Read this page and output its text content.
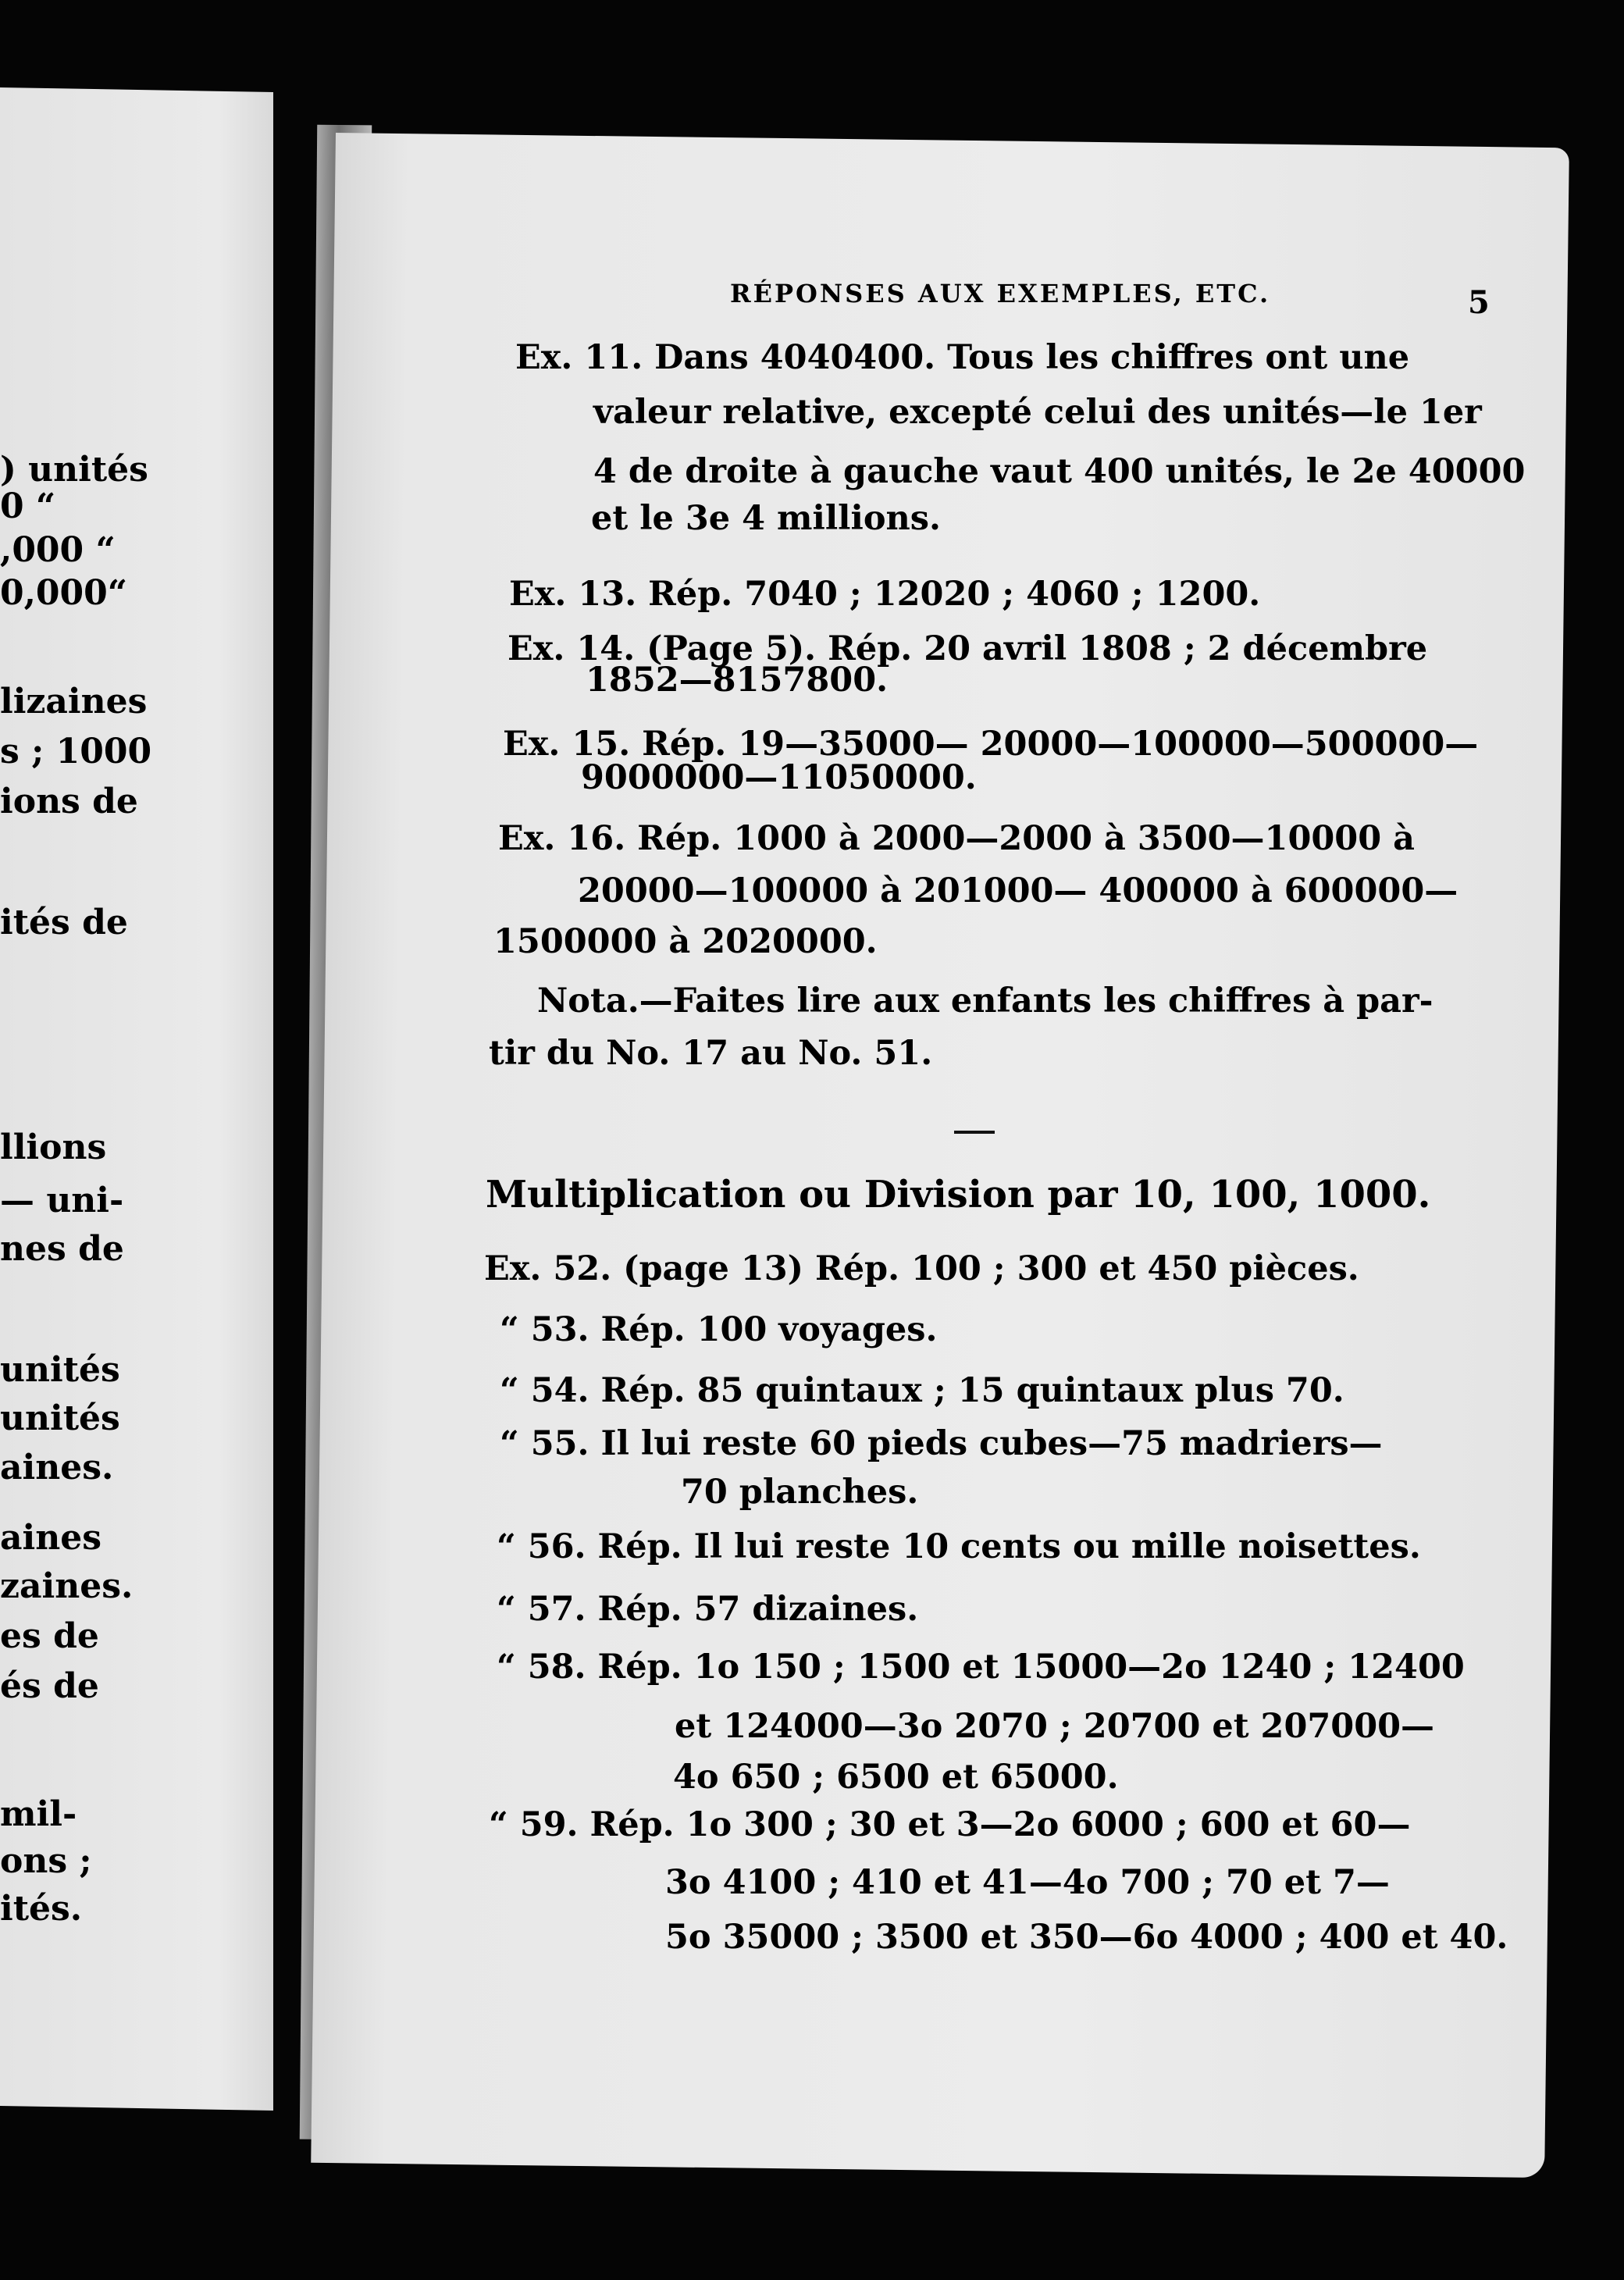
) unités
0 “
,000 “
0,000“
lizaines
s ; 1000
ions de
ités de
llions
— uni-
nes de
unités
unités
aines.
aines
zaines.
es de
és de
mil-
ons ;
ités.
RÉPONSES AUX EXEMPLES, ETC.	5
Ex. 11. Dans 4040400. Tous les chiffres ont une
valeur relative, excepté celui des unités—le 1er
4 de droite à gauche vaut 400 unités, le 2e 40000
et le 3e 4 millions.
Ex. 13. Rép. 7040 ; 12020 ; 4060 ; 1200.
Ex. 14. (Page 5). Rép. 20 avril 1808 ; 2 décembre
1852—8157800.
Ex. 15. Rép. 19—35000— 20000—100000—500000—
9000000—11050000.
Ex. 16. Rép. 1000 à 2000—2000 à 3500—10000 à
20000—100000 à 201000— 400000 à 600000—
1500000 à 2020000.
Nota.—Faites lire aux enfants les chiffres à par-
tir du No. 17 au No. 51.
Multiplication ou Division par 10, 100, 1000.
Ex. 52. (page 13) Rép. 100 ; 300 et 450 pièces.
“ 53. Rép. 100 voyages.
“ 54. Rép. 85 quintaux ; 15 quintaux plus 70.
“ 55. Il lui reste 60 pieds cubes—75 madriers—
70 planches.
“ 56. Rép. Il lui reste 10 cents ou mille noisettes.
“ 57. Rép. 57 dizaines.
“ 58. Rép. 1o 150 ; 1500 et 15000—2o 1240 ; 12400
et 124000—3o 2070 ; 20700 et 207000—
4o 650 ; 6500 et 65000.
“ 59. Rép. 1o 300 ; 30 et 3—2o 6000 ; 600 et 60—
3o 4100 ; 410 et 41—4o 700 ; 70 et 7—
5o 35000 ; 3500 et 350—6o 4000 ; 400 et 40.
